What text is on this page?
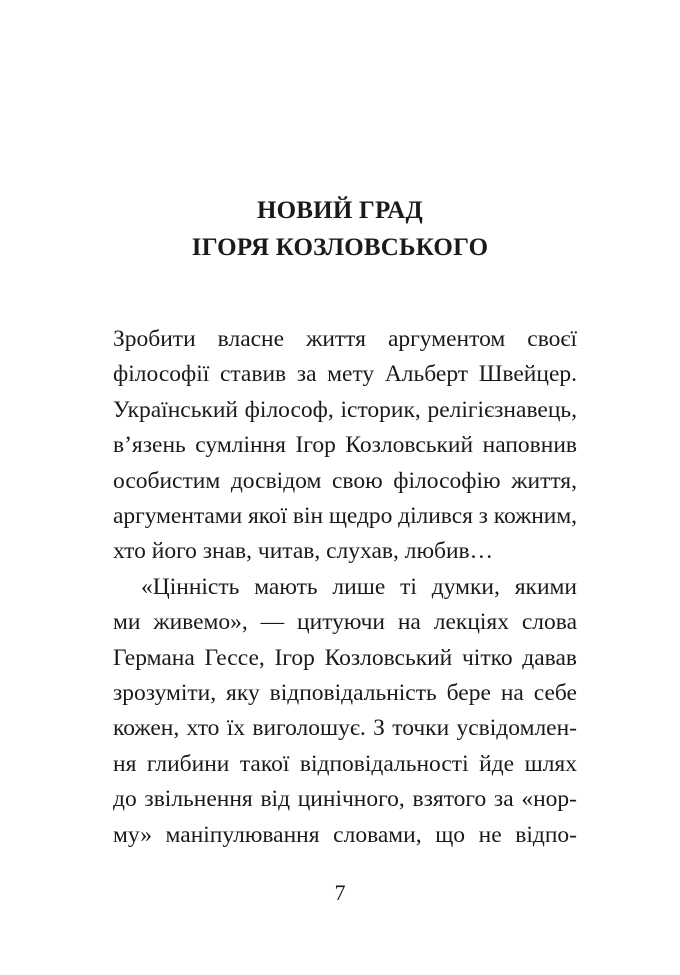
НОВИЙ ГРАД
ІГОРЯ КОЗЛОВСЬКОГО
Зробити власне життя аргументом своєї
філософії ставив за мету Альберт Швейцер.
Український філософ, історик, релігієзнавець,
в’язень сумління Ігор Козловський наповнив
особистим досвідом свою філософію життя,
аргументами якої він щедро ділився з кожним,
хто його знав, читав, слухав, любив…
«Цінність мають лише ті думки, якими
ми живемо», — цитуючи на лекціях слова
Германа Гессе, Ігор Козловський чітко давав
зрозуміти, яку відповідальність бере на себе
кожен, хто їх виголошує. З точки усвідомлен-
ня глибини такої відповідальності йде шлях
до звільнення від цинічного, взятого за «нор-
му» маніпулювання словами, що не відпо-
7
